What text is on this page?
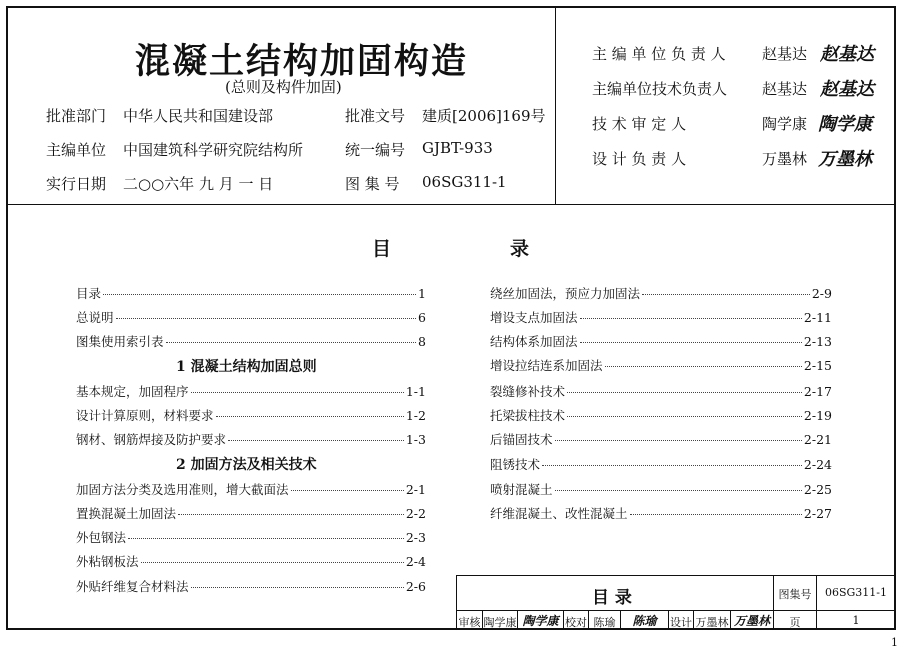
混凝土结构加固构造
(总则及构件加固)
批准部门 中华人民共和国建设部
主编单位 中国建筑科学研究院结构所
实行日期 二○○六年 九 月 一 日
批准文号 建质[2006]169号
统一编号 GJBT-933
图 集 号 06SG311-1
主 编 单 位 负 责 人 赵基达 赵基达
主编单位技术负责人 赵基达 赵基达
技 术 审 定 人	陶学康 陶学康
设 计 负 责 人	万墨林 万墨林
目	录
目录	1
总说明	6
图集使用索引表	8
1 混凝土结构加固总则
基本规定，加固程序	1-1
设计计算原则，材料要求	1-2
钢材、钢筋焊接及防护要求	1-3
2 加固方法及相关技术
加固方法分类及选用准则，增大截面法	2-1
置换混凝土加固法	2-2
外包钢法	2-3
外粘钢板法	2-4
外贴纤维复合材料法	2-6
绕丝加固法，预应力加固法	2-9
增设支点加固法	2-11
结构体系加固法	2-13
增设拉结连系加固法	2-15
裂缝修补技术	2-17
托梁拔柱技术	2-19
后锚固技术	2-21
阻锈技术	2-24
喷射混凝土	2-25
纤维混凝土、改性混凝土	2-27
目 录	图集号	06SG311-1
页	1
审核 陶学康 陶学康 校对 陈瑜	陈瑜	设计 万墨林 万墨林
1
